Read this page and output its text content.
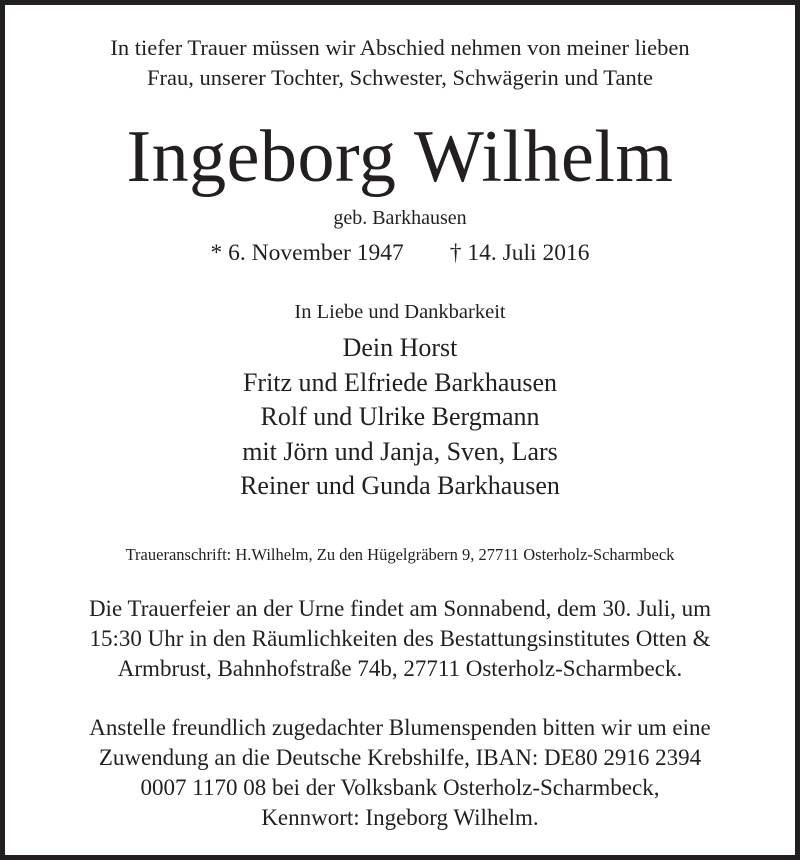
In tiefer Trauer müssen wir Abschied nehmen von meiner lieben
Frau, unserer Tochter, Schwester, Schwägerin und Tante
Ingeborg Wilhelm
geb. Barkhausen
* 6. November 1947 † 14. Juli 2016
In Liebe und Dankbarkeit
Dein Horst
Fritz und Elfriede Barkhausen
Rolf und Ulrike Bergmann
mit Jörn und Janja, Sven, Lars
Reiner und Gunda Barkhausen
Traueranschrift: H.Wilhelm, Zu den Hügelgräbern 9, 27711 Osterholz-Scharmbeck
Die Trauerfeier an der Urne findet am Sonnabend, dem 30. Juli, um
15:30 Uhr in den Räumlichkeiten des Bestattungsinstitutes Otten &
Armbrust, Bahnhofstraße 74b, 27711 Osterholz-Scharmbeck.
Anstelle freundlich zugedachter Blumenspenden bitten wir um eine
Zuwendung an die Deutsche Krebshilfe, IBAN: DE80 2916 2394
0007 1170 08 bei der Volksbank Osterholz-Scharmbeck,
Kennwort: Ingeborg Wilhelm.
